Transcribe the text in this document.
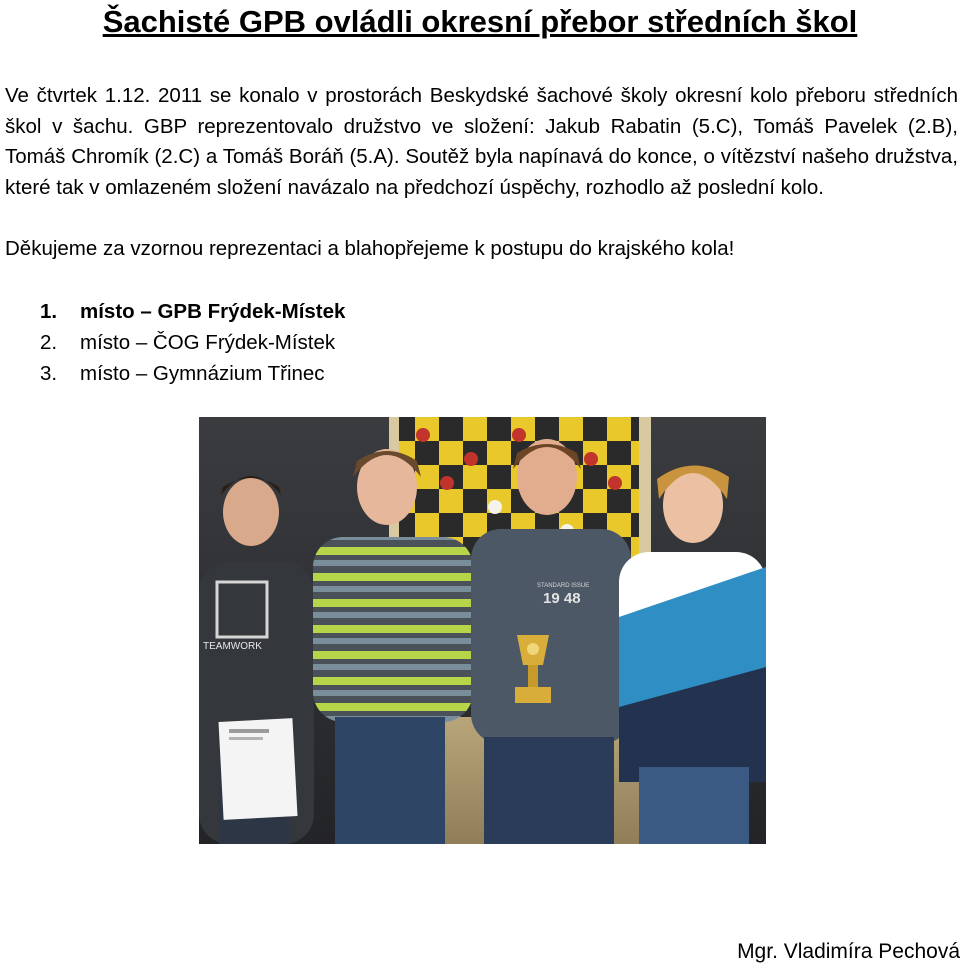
Šachisté GPB ovládli okresní přebor středních škol
Ve čtvrtek 1.12. 2011 se konalo v prostorách Beskydské šachové školy okresní kolo přeboru středních škol v šachu. GBP reprezentovalo družstvo ve složení: Jakub Rabatin (5.C), Tomáš Pavelek (2.B), Tomáš Chromík (2.C) a Tomáš Boráň (5.A). Soutěž byla napínavá do konce, o vítězství našeho družstva, které tak v omlazeném složení navázalo na předchozí úspěchy, rozhodlo až poslední kolo.
Děkujeme za vzornou reprezentaci a blahopřejeme k postupu do krajského kola!
1.	místo – GPB Frýdek-Místek
2.	místo – ČOG Frýdek-Místek
3.	místo – Gymnázium Třinec
TEAMWORK
STANDARD ISSUE
19 48
Mgr. Vladimíra Pechová
